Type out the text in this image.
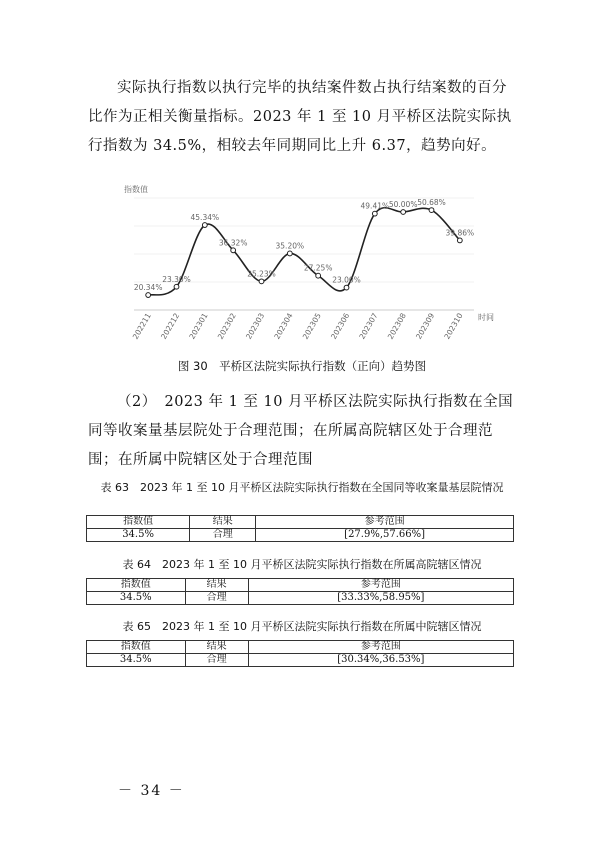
实际执行指数以执行完毕的执结案件数占执行结案数的百分比作为正相关衡量指标。2023 年 1 至 10 月平桥区法院实际执行指数为 34.5%，相较去年同期同比上升 6.37，趋势向好。

指数值
时间
20.34%
23.30%
45.34%
36.32%
25.23%
35.20%
27.25%
23.00%
49.41% 50.00% 50.68%
39.86%
202211 202212 202301 202302 202303 202304 202305 202306 202307 202308 202309 202310
图 30　平桥区法院实际执行指数（正向）趋势图

（2）　2023 年 1 至 10 月平桥区法院实际执行指数在全国同等收案量基层院处于合理范围；在所属高院辖区处于合理范围；在所属中院辖区处于合理范围

表 63　2023 年 1 至 10 月平桥区法院实际执行指数在全国同等收案量基层院情况
指数值	结果	参考范围
34.5%	合理	[27.9%,57.66%]
表 64　2023 年 1 至 10 月平桥区法院实际执行指数在所属高院辖区情况
指数值	结果	参考范围
34.5%	合理	[33.33%,58.95%]
表 65　2023 年 1 至 10 月平桥区法院实际执行指数在所属中院辖区情况
指数值	结果	参考范围
34.5%	合理	[30.34%,36.53%]
－ 34 －
